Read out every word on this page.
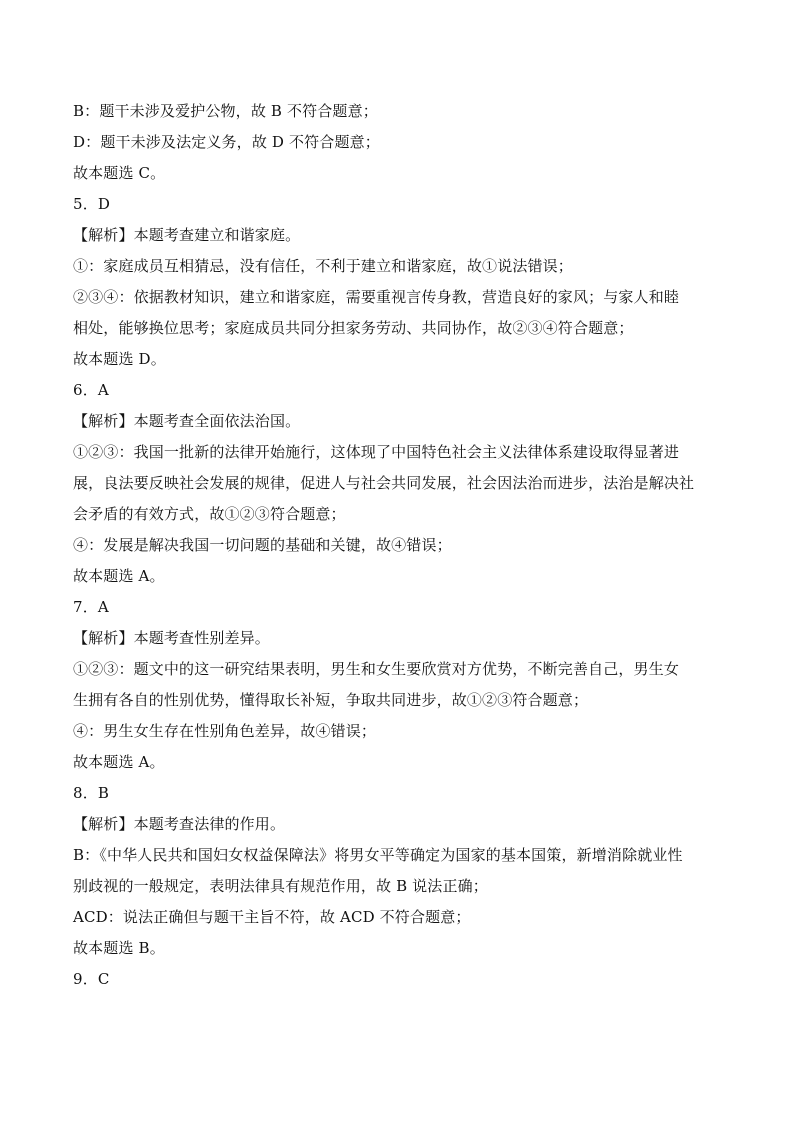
B：题干未涉及爱护公物，故 B 不符合题意；
D：题干未涉及法定义务，故 D 不符合题意；
故本题选 C。
5．D
【解析】本题考查建立和谐家庭。
①：家庭成员互相猜忌，没有信任，不利于建立和谐家庭，故①说法错误；
②③④：依据教材知识，建立和谐家庭，需要重视言传身教，营造良好的家风；与家人和睦
相处，能够换位思考；家庭成员共同分担家务劳动、共同协作，故②③④符合题意；
故本题选 D。
6．A
【解析】本题考查全面依法治国。
①②③：我国一批新的法律开始施行，这体现了中国特色社会主义法律体系建设取得显著进
展，良法要反映社会发展的规律，促进人与社会共同发展，社会因法治而进步，法治是解决社
会矛盾的有效方式，故①②③符合题意；
④：发展是解决我国一切问题的基础和关键，故④错误；
故本题选 A。
7．A
【解析】本题考查性别差异。
①②③：题文中的这一研究结果表明，男生和女生要欣赏对方优势，不断完善自己，男生女
生拥有各自的性别优势，懂得取长补短，争取共同进步，故①②③符合题意；
④：男生女生存在性别角色差异，故④错误；
故本题选 A。
8．B
【解析】本题考查法律的作用。
B：《中华人民共和国妇女权益保障法》将男女平等确定为国家的基本国策，新增消除就业性
别歧视的一般规定，表明法律具有规范作用，故 B 说法正确；
ACD：说法正确但与题干主旨不符，故 ACD 不符合题意；
故本题选 B。
9．C
